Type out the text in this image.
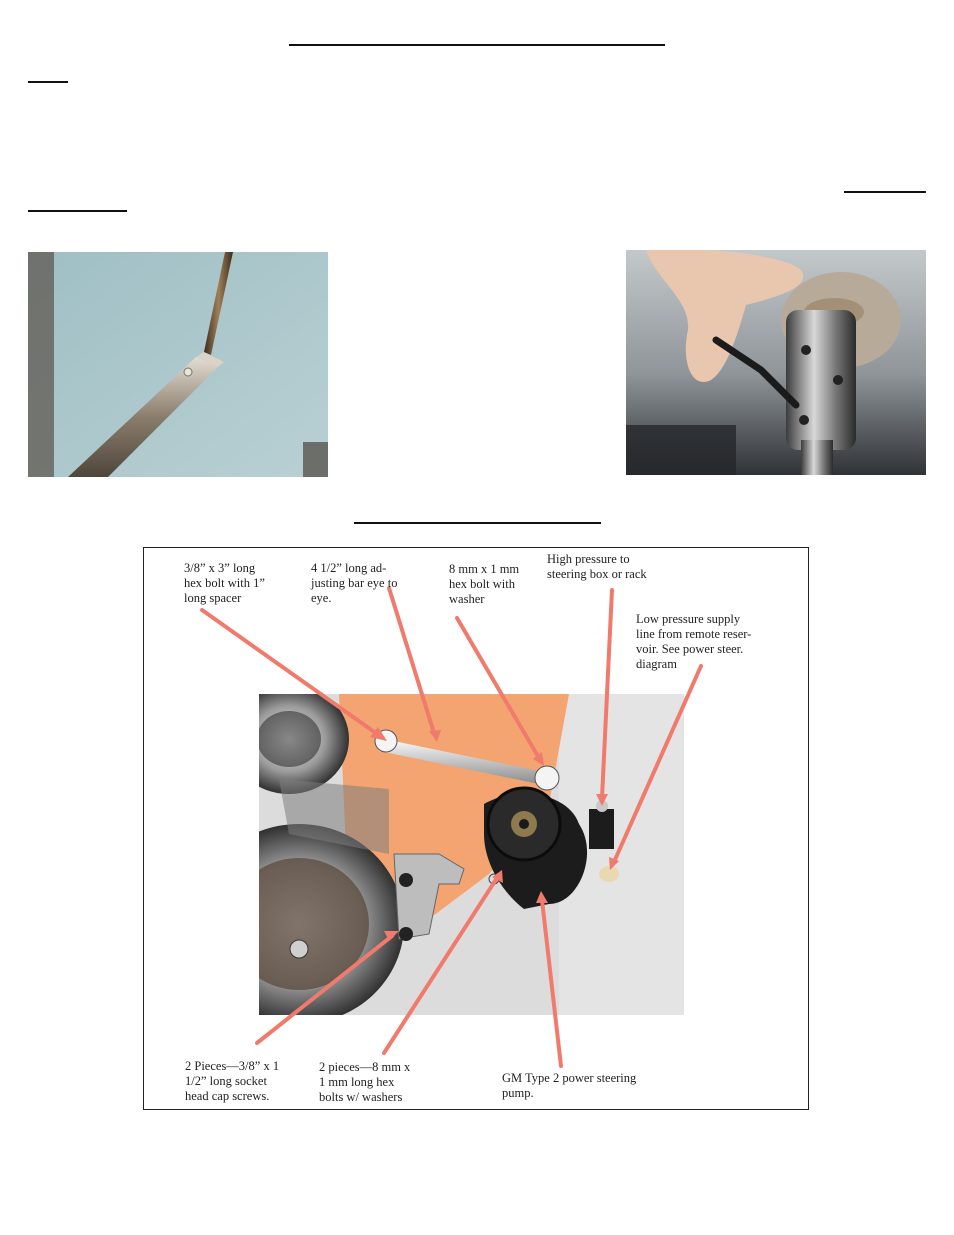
3/8” x 3” long
hex bolt with 1”
long spacer
4 1/2” long ad-
justing bar eye to
eye.
8 mm x 1 mm
hex bolt with
washer
High pressure to
steering box or rack
Low pressure supply
line from remote reser-
voir. See power steer.
diagram
2 Pieces—3/8” x 1
1/2” long socket
head cap screws.
2 pieces—8 mm x
1 mm long hex
bolts w/ washers
GM Type 2 power steering
pump.
